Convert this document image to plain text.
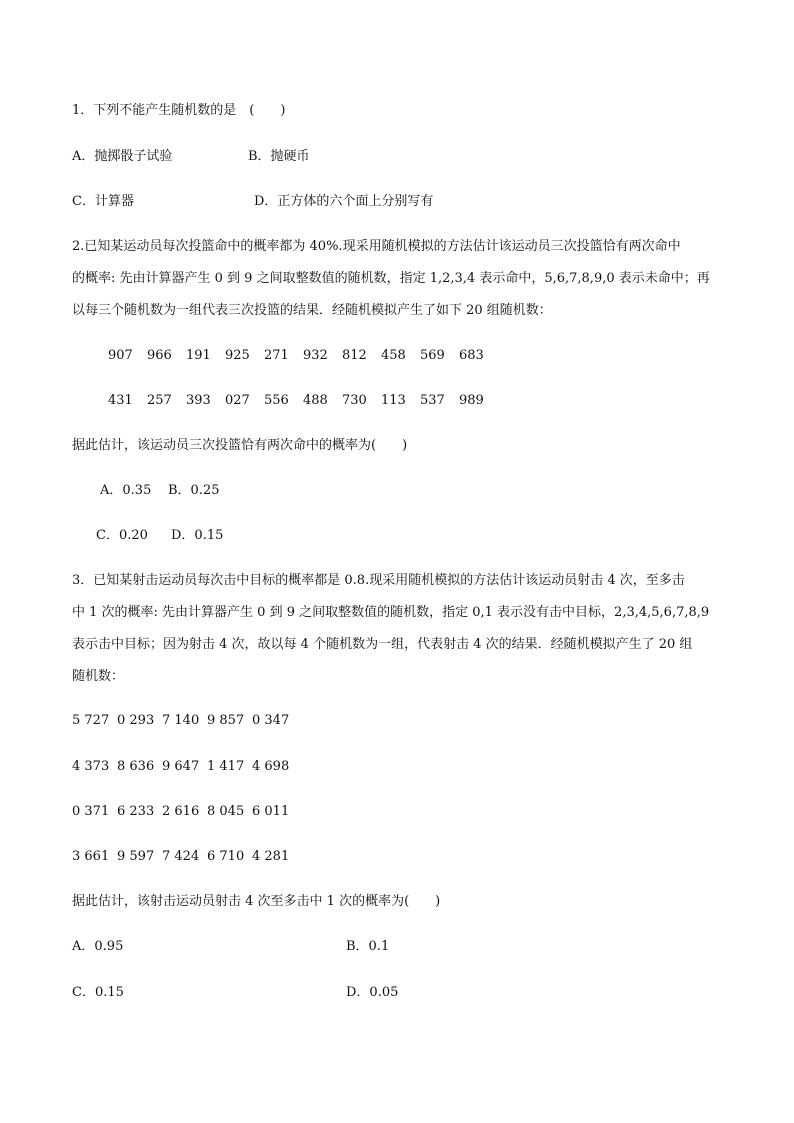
1．下列不能产生随机数的是　(　　)
A．抛掷骰子试验	B．抛硬币
C．计算器	D．正方体的六个面上分别写有
2.已知某运动员每次投篮命中的概率都为 40%.现采用随机模拟的方法估计该运动员三次投篮恰有两次命中
的概率: 先由计算器产生 0 到 9 之间取整数值的随机数，指定 1,2,3,4 表示命中，5,6,7,8,9,0 表示未命中；再
以每三个随机数为一组代表三次投篮的结果．经随机模拟产生了如下 20 组随机数：
907 966 191 925 271 932 812 458 569 683
431 257 393 027 556 488 730 113 537 989
据此估计，该运动员三次投篮恰有两次命中的概率为(　　)
A．0.35 B．0.25
C．0.20 D．0.15
3．已知某射击运动员每次击中目标的概率都是 0.8.现采用随机模拟的方法估计该运动员射击 4 次，至多击
中 1 次的概率: 先由计算器产生 0 到 9 之间取整数值的随机数，指定 0,1 表示没有击中目标，2,3,4,5,6,7,8,9
表示击中目标；因为射击 4 次，故以每 4 个随机数为一组，代表射击 4 次的结果．经随机模拟产生了 20 组
随机数：
5 727 0 293 7 140 9 857 0 347
4 373 8 636 9 647 1 417 4 698
0 371 6 233 2 616 8 045 6 011
3 661 9 597 7 424 6 710 4 281
据此估计，该射击运动员射击 4 次至多击中 1 次的概率为(　　)
A．0.95	B．0.1
C．0.15	D．0.05
